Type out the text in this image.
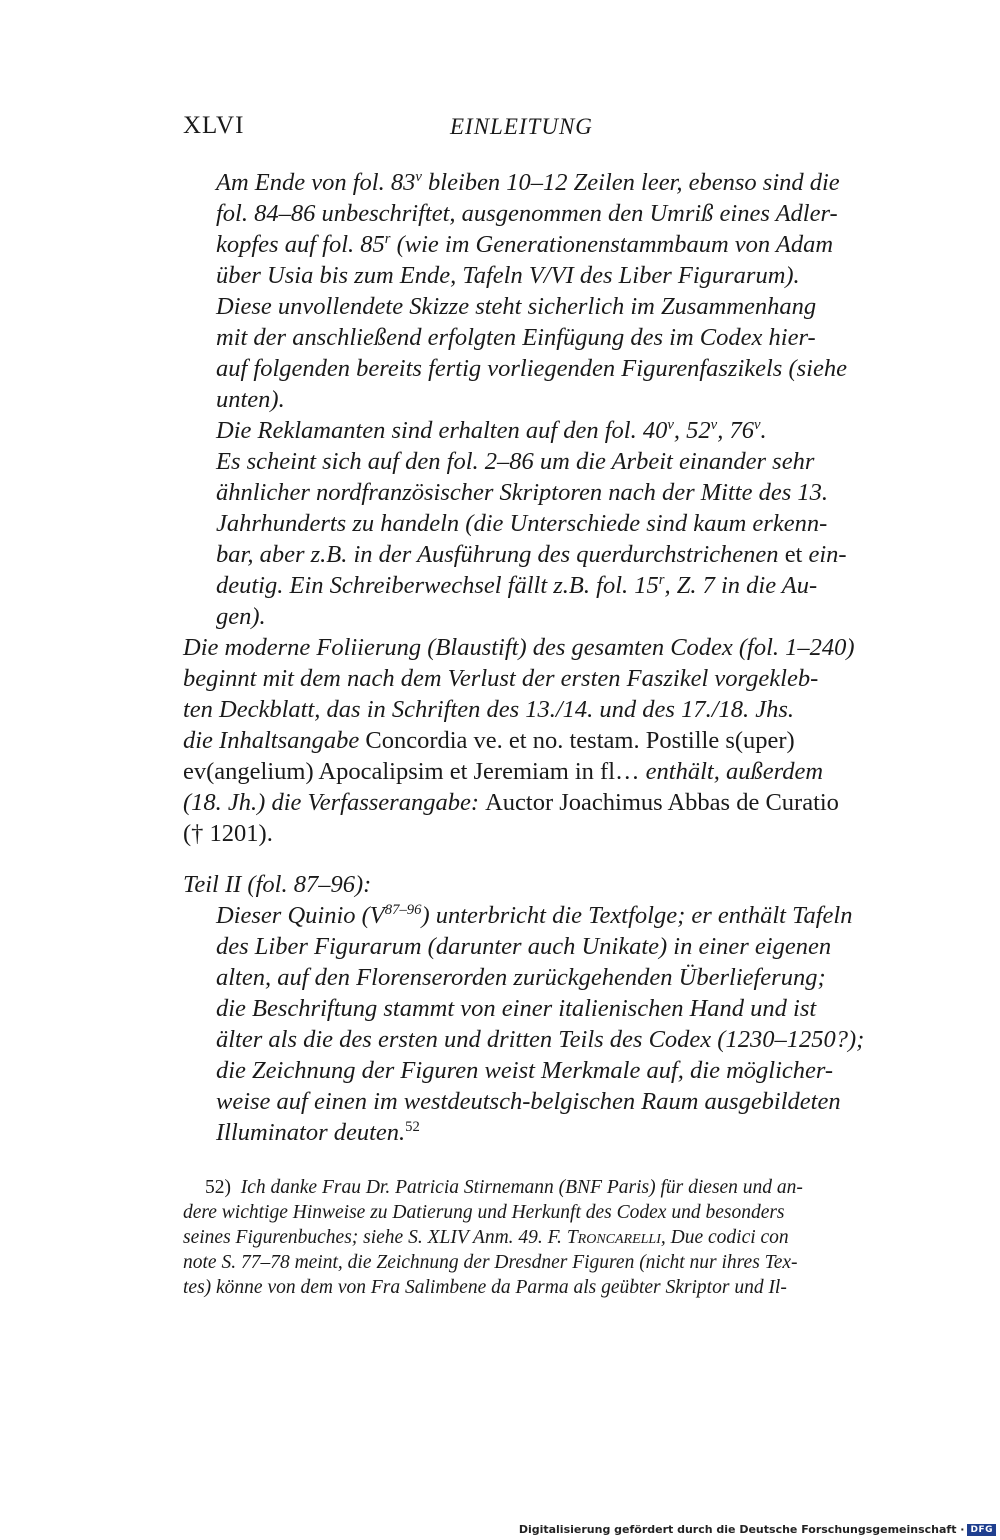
XLVI	EINLEITUNG
Am Ende von fol. 83$^v$ bleiben 10–12 Zeilen leer, ebenso sind die
fol. 84–86 unbeschriftet, ausgenommen den Umriß eines Adler-
kopfes auf fol. 85$^r$ (wie im Generationenstammbaum von Adam
über Usia bis zum Ende, Tafeln V/VI des Liber Figurarum).
Diese unvollendete Skizze steht sicherlich im Zusammenhang
mit der anschließend erfolgten Einfügung des im Codex hier-
auf folgenden bereits fertig vorliegenden Figurenfaszikels (siehe
unten).
Die Reklamanten sind erhalten auf den fol. 40$^v$, 52$^v$, 76$^v$.
Es scheint sich auf den fol. 2–86 um die Arbeit einander sehr
ähnlicher nordfranzösischer Skriptoren nach der Mitte des 13.
Jahrhunderts zu handeln (die Unterschiede sind kaum erkenn-
bar, aber z.B. in der Ausführung des querdurchstrichenen et ein-
deutig. Ein Schreiberwechsel fällt z.B. fol. 15$^r$, Z. 7 in die Au-
gen).
Die moderne Foliierung (Blaustift) des gesamten Codex (fol. 1–240)
beginnt mit dem nach dem Verlust der ersten Faszikel vorgekleb-
ten Deckblatt, das in Schriften des 13./14. und des 17./18. Jhs.
die Inhaltsangabe Concordia ve. et no. testam. Postille s(uper)
ev(angelium) Apocalipsim et Jeremiam in fl… enthält, außerdem
(18. Jh.) die Verfasserangabe: Auctor Joachimus Abbas de Curatio
(† 1201).
Teil II (fol. 87–96):
Dieser Quinio $(V^{87-96})$ unterbricht die Textfolge; er enthält Tafeln
des Liber Figurarum (darunter auch Unikate) in einer eigenen
alten, auf den Florenserorden zurückgehenden Überlieferung;
die Beschriftung stammt von einer italienischen Hand und ist
älter als die des ersten und dritten Teils des Codex (1230–1250?);
die Zeichnung der Figuren weist Merkmale auf, die möglicher-
weise auf einen im westdeutsch-belgischen Raum ausgebildeten
Illuminator deuten.$^{52}$
52) Ich danke Frau Dr. Patricia Stirnemann (BNF Paris) für diesen und an-
dere wichtige Hinweise zu Datierung und Herkunft des Codex und besonders
seines Figurenbuches; siehe S. XLIV Anm. 49. F. Troncarelli, Due codici con
note S. 77–78 meint, die Zeichnung der Dresdner Figuren (nicht nur ihres Tex-
tes) könne von dem von Fra Salimbene da Parma als geübter Skriptor und Il-
Digitalisierung gefördert durch die Deutsche Forschungsgemeinschaft · DFG
